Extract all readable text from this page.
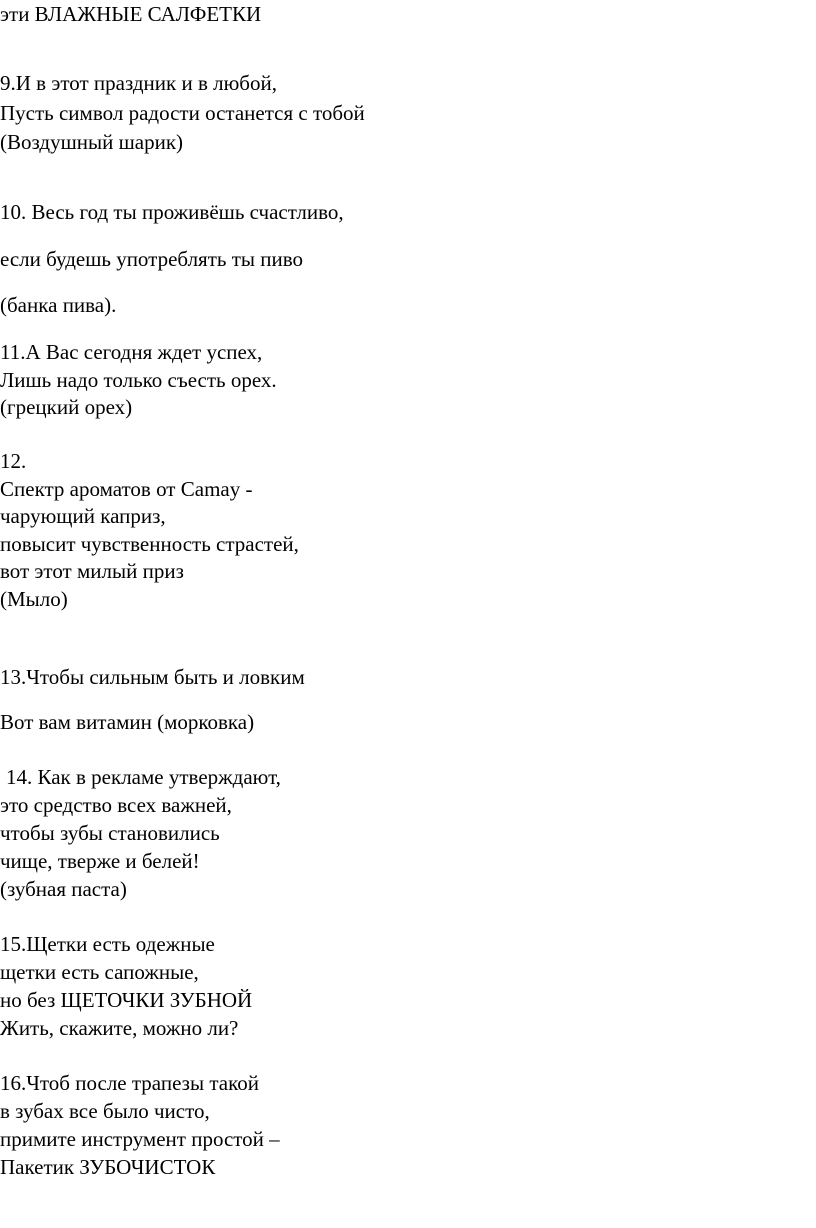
эти ВЛАЖНЫЕ САЛФЕТКИ

9.И в этот праздник и в любой,

Пусть символ радости останется с тобой

(Воздушный шарик)

10. Весь год ты проживёшь счастливо,

если будешь употреблять ты пиво

(банка пива).

11.А Вас сегодня ждет успех,

Лишь надо только съесть орех.

(грецкий орех)

12.

Спектр ароматов от Camay -

чарующий каприз,

повысит чувственность страстей,

вот этот милый приз

(Мыло)

13.Чтобы сильным быть и ловким

Вот вам витамин (морковка)

14. Как в рекламе утверждают,

это средство всех важней,

чтобы зубы становились

чище, тверже и белей!

(зубная паста)

15.Щетки есть одежные

щетки есть сапожные,

но без ЩЕТОЧКИ ЗУБНОЙ

Жить, скажите, можно ли?

16.Чтоб после трапезы такой

в зубах все было чисто,

примите инструмент простой –

Пакетик ЗУБОЧИСТОК
